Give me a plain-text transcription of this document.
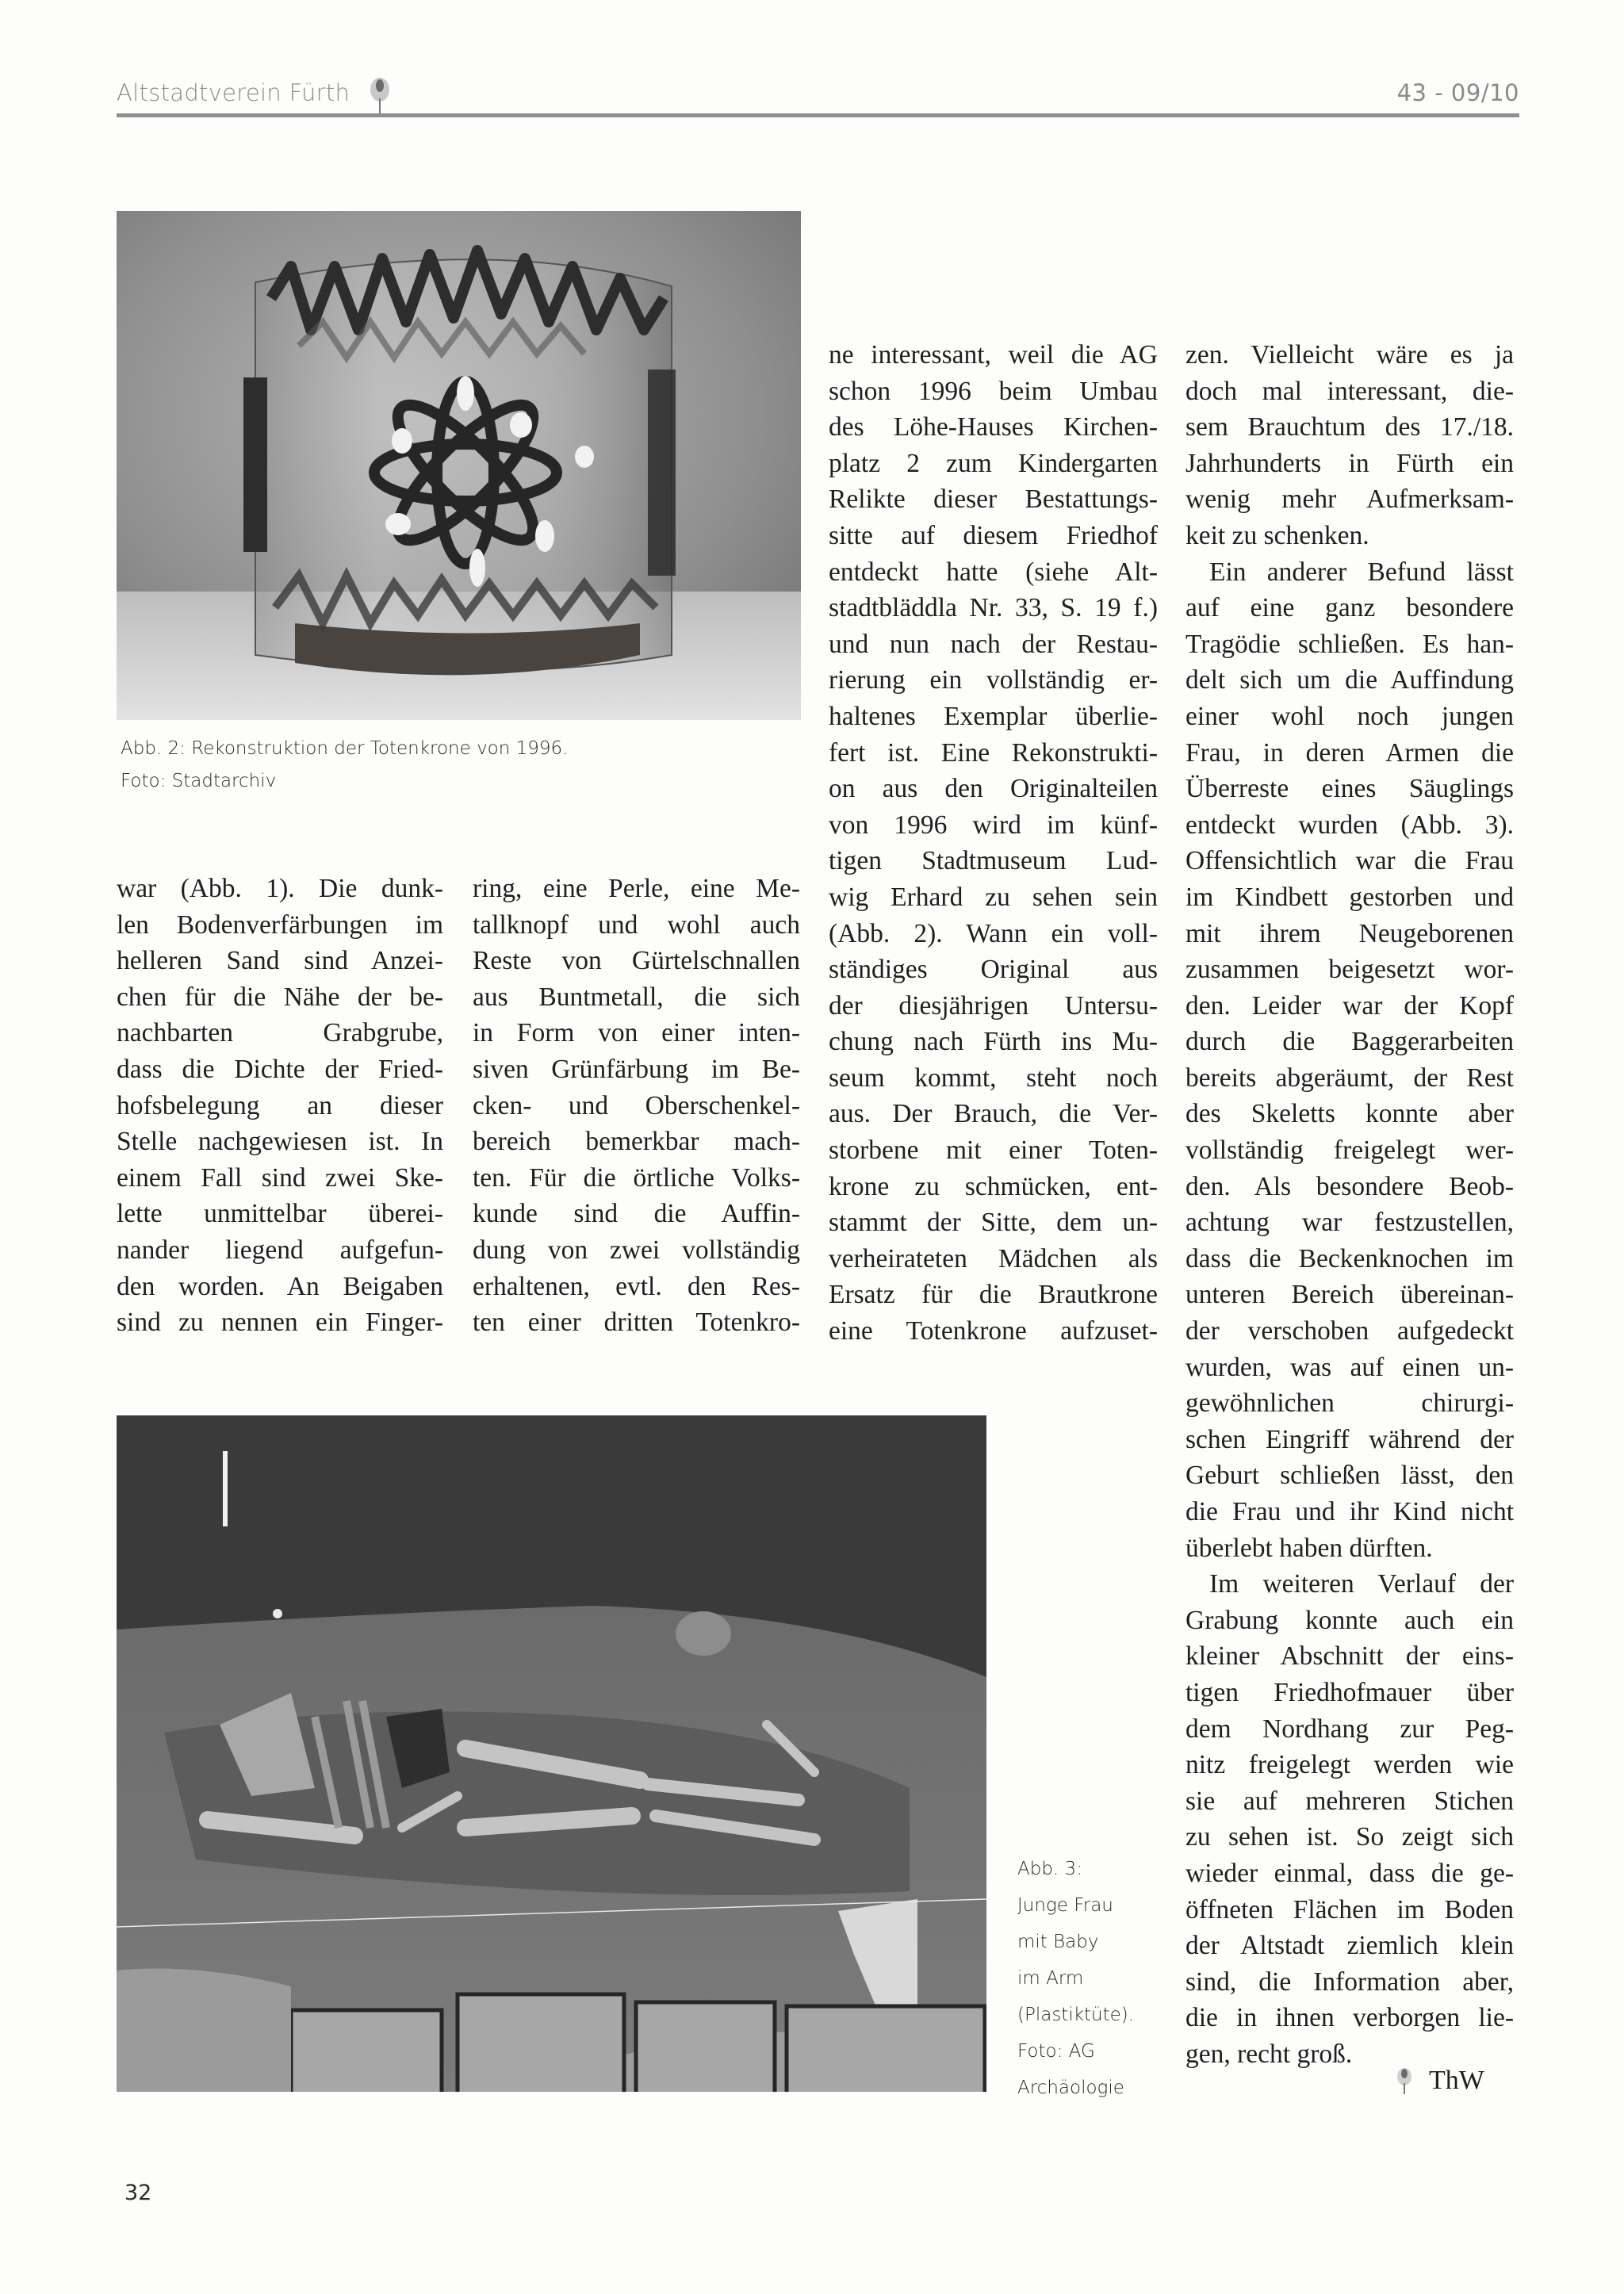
Altstadtverein Fürth	43 - 09/10
Abb. 2: Rekonstruktion der Totenkrone von 1996.
Foto: Stadtarchiv
war (Abb. 1). Die dunk-
len Bodenverfärbungen im
helleren Sand sind Anzei-
chen für die Nähe der be-
nachbarten Grabgrube,
dass die Dichte der Fried-
hofsbelegung an dieser
Stelle nachgewiesen ist. In
einem Fall sind zwei Ske-
lette unmittelbar überei-
nander liegend aufgefun-
den worden. An Beigaben
sind zu nennen ein Finger-
ring, eine Perle, eine Me-
tallknopf und wohl auch
Reste von Gürtelschnallen
aus Buntmetall, die sich
in Form von einer inten-
siven Grünfärbung im Be-
cken- und Oberschenkel-
bereich bemerkbar mach-
ten. Für die örtliche Volks-
kunde sind die Auffin-
dung von zwei vollständig
erhaltenen, evtl. den Res-
ten einer dritten Totenkro-
ne interessant, weil die AG
schon 1996 beim Umbau
des Löhe-Hauses Kirchen-
platz 2 zum Kindergarten
Relikte dieser Bestattungs-
sitte auf diesem Friedhof
entdeckt hatte (siehe Alt-
stadtbläddla Nr. 33, S. 19 f.)
und nun nach der Restau-
rierung ein vollständig er-
haltenes Exemplar überlie-
fert ist. Eine Rekonstrukti-
on aus den Originalteilen
von 1996 wird im künf-
tigen Stadtmuseum Lud-
wig Erhard zu sehen sein
(Abb. 2). Wann ein voll-
ständiges Original aus
der diesjährigen Untersu-
chung nach Fürth ins Mu-
seum kommt, steht noch
aus. Der Brauch, die Ver-
storbene mit einer Toten-
krone zu schmücken, ent-
stammt der Sitte, dem un-
verheirateten Mädchen als
Ersatz für die Brautkrone
eine Totenkrone aufzuset-
zen. Vielleicht wäre es ja
doch mal interessant, die-
sem Brauchtum des 17./18.
Jahrhunderts in Fürth ein
wenig mehr Aufmerksam-
keit zu schenken.
Ein anderer Befund lässt
auf eine ganz besondere
Tragödie schließen. Es han-
delt sich um die Auffindung
einer wohl noch jungen
Frau, in deren Armen die
Überreste eines Säuglings
entdeckt wurden (Abb. 3).
Offensichtlich war die Frau
im Kindbett gestorben und
mit ihrem Neugeborenen
zusammen beigesetzt wor-
den. Leider war der Kopf
durch die Baggerarbeiten
bereits abgeräumt, der Rest
des Skeletts konnte aber
vollständig freigelegt wer-
den. Als besondere Beob-
achtung war festzustellen,
dass die Beckenknochen im
unteren Bereich übereinan-
der verschoben aufgedeckt
wurden, was auf einen un-
gewöhnlichen chirurgi-
schen Eingriff während der
Geburt schließen lässt, den
die Frau und ihr Kind nicht
überlebt haben dürften.
Im weiteren Verlauf der
Grabung konnte auch ein
kleiner Abschnitt der eins-
tigen Friedhofmauer über
dem Nordhang zur Peg-
nitz freigelegt werden wie
sie auf mehreren Stichen
zu sehen ist. So zeigt sich
wieder einmal, dass die ge-
öffneten Flächen im Boden
der Altstadt ziemlich klein
sind, die Information aber,
die in ihnen verborgen lie-
gen, recht groß.
Abb. 3:
Junge Frau
mit Baby
im Arm
(Plastiktüte).
Foto: AG
Archäologie	ThW
32
